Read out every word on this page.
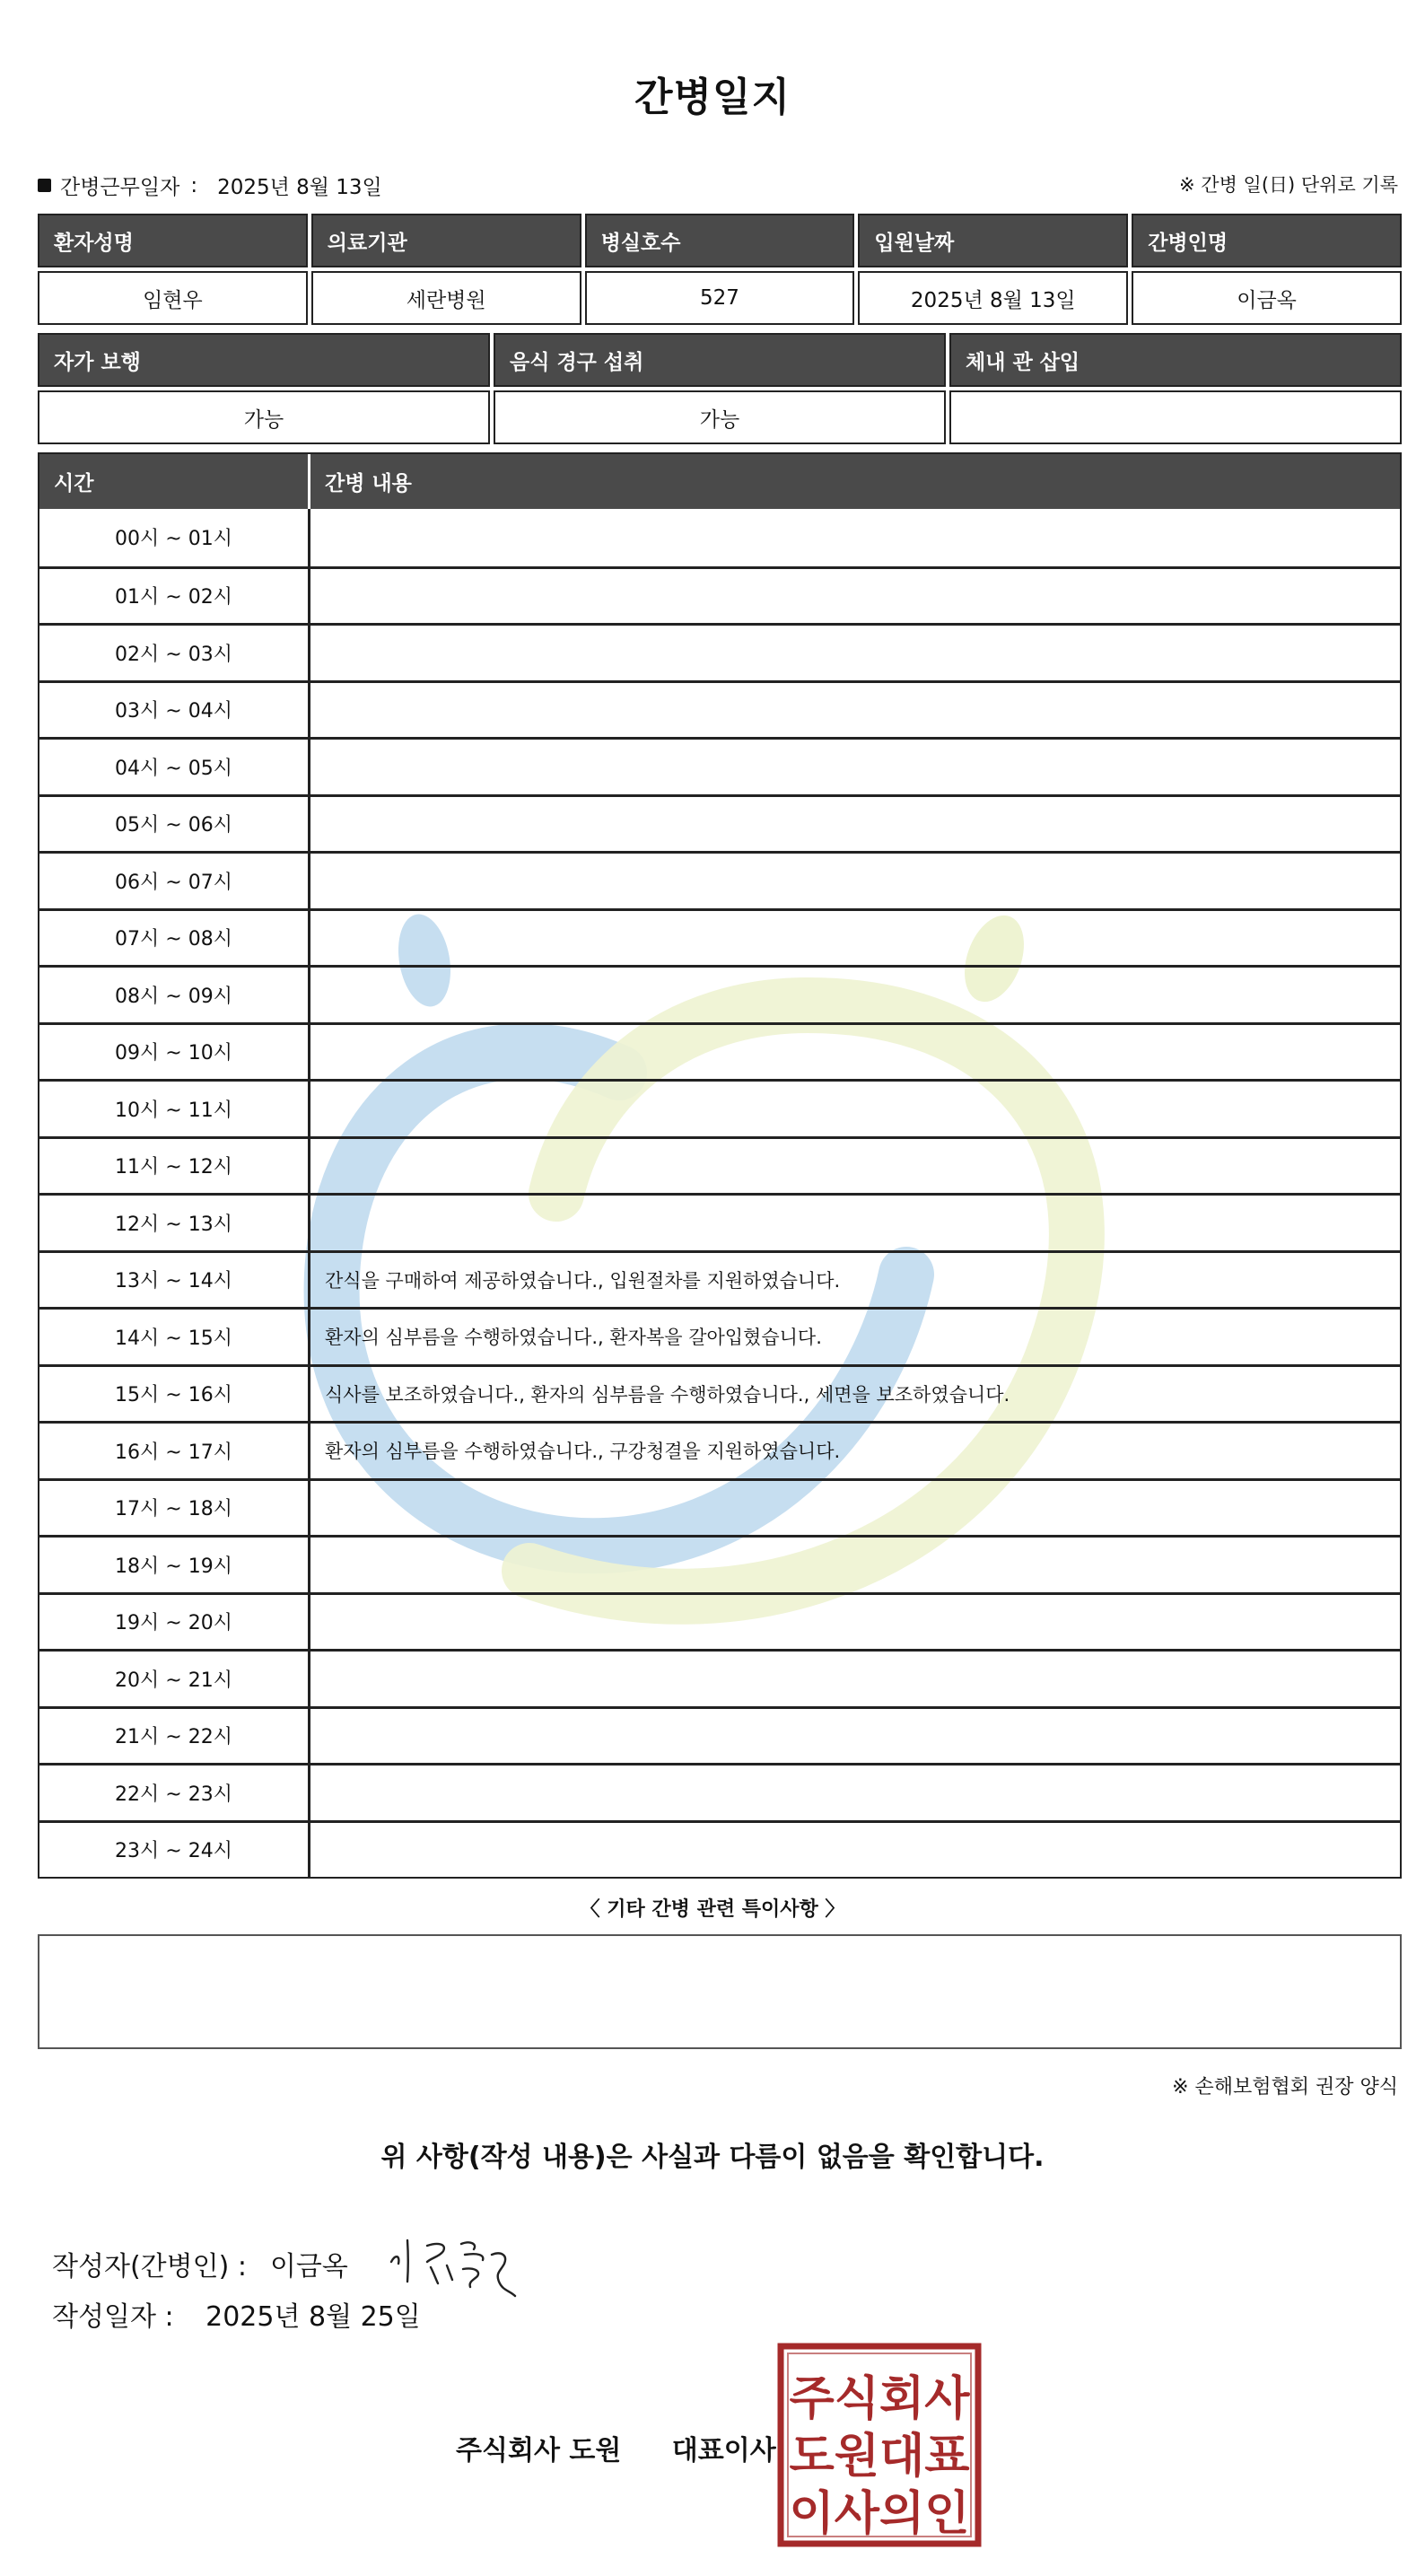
간병일지
간병근무일자 : 2025년 8월 13일	※ 간병 일(日) 단위로 기록
환자성명	의료기관	병실호수	입원날짜	간병인명
임현우	세란병원	527	2025년 8월 13일	이금옥
자가 보행	음식 경구 섭취	체내 관 삽입
가능	가능
시간	간병 내용
00시 ~ 01시
01시 ~ 02시
02시 ~ 03시
03시 ~ 04시
04시 ~ 05시
05시 ~ 06시
06시 ~ 07시
07시 ~ 08시
08시 ~ 09시
09시 ~ 10시
10시 ~ 11시
11시 ~ 12시
12시 ~ 13시
13시 ~ 14시	간식을 구매하여 제공하였습니다., 입원절차를 지원하였습니다.
14시 ~ 15시	환자의 심부름을 수행하였습니다., 환자복을 갈아입혔습니다.
15시 ~ 16시	식사를 보조하였습니다., 환자의 심부름을 수행하였습니다., 세면을 보조하였습니다.
16시 ~ 17시	환자의 심부름을 수행하였습니다., 구강청결을 지원하였습니다.
17시 ~ 18시
18시 ~ 19시
19시 ~ 20시
20시 ~ 21시
21시 ~ 22시
22시 ~ 23시
23시 ~ 24시
〈 기타 간병 관련 특이사항 〉
※ 손해보험협회 권장 양식
위 사항(작성 내용)은 사실과 다름이 없음을 확인합니다.
작성자(간병인) : 이금옥
작성일자 : 2025년 8월 25일
주식회사 도원 대표이사
주식회사
도원대표
이사의인
